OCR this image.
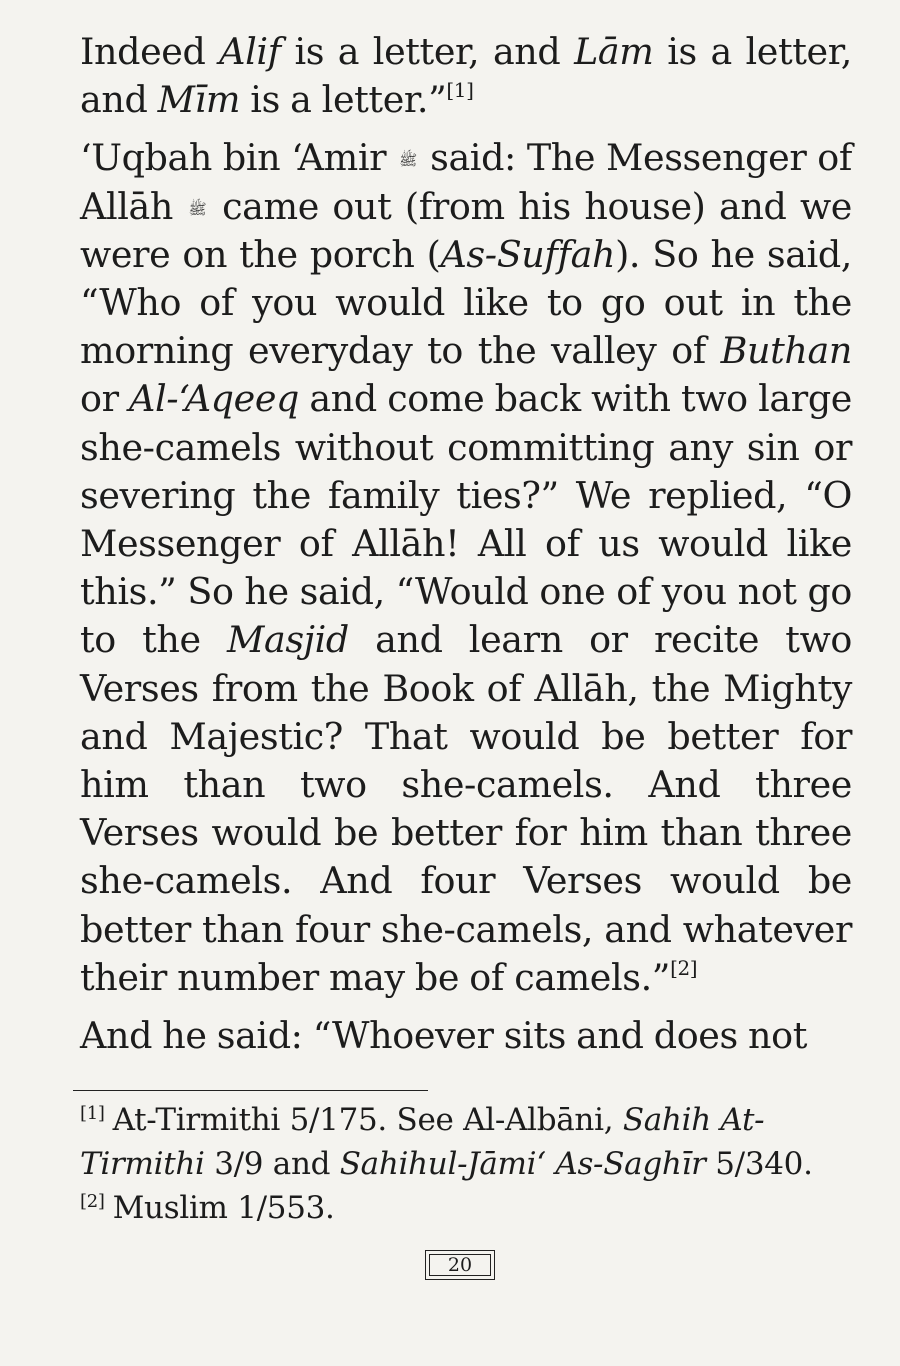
Indeed Alif is a letter, and Lām is a letter, and Mīm is a letter.”[1]

‘Uqbah bin ‘Amir ﷺ said: The Messenger of Allāh ﷺ came out (from his house) and we were on the porch (As-Suffah). So he said, “Who of you would like to go out in the morning everyday to the valley of Buthan or Al-‘Aqeeq and come back with two large she-camels without committing any sin or severing the family ties?” We replied, “O Messenger of Allāh! All of us would like this.” So he said, “Would one of you not go to the Masjid and learn or recite two Verses from the Book of Allāh, the Mighty and Majestic? That would be better for him than two she-camels. And three Verses would be better for him than three she-camels. And four Verses would be better than four she-camels, and whatever their number may be of camels.”[2]

And he said: “Whoever sits and does not

[1] At-Tirmithi 5/175. See Al-Albāni, Sahih At-Tirmithi 3/9 and Sahihul-Jāmi‘ As-Saghīr 5/340.

[2] Muslim 1/553.

20
